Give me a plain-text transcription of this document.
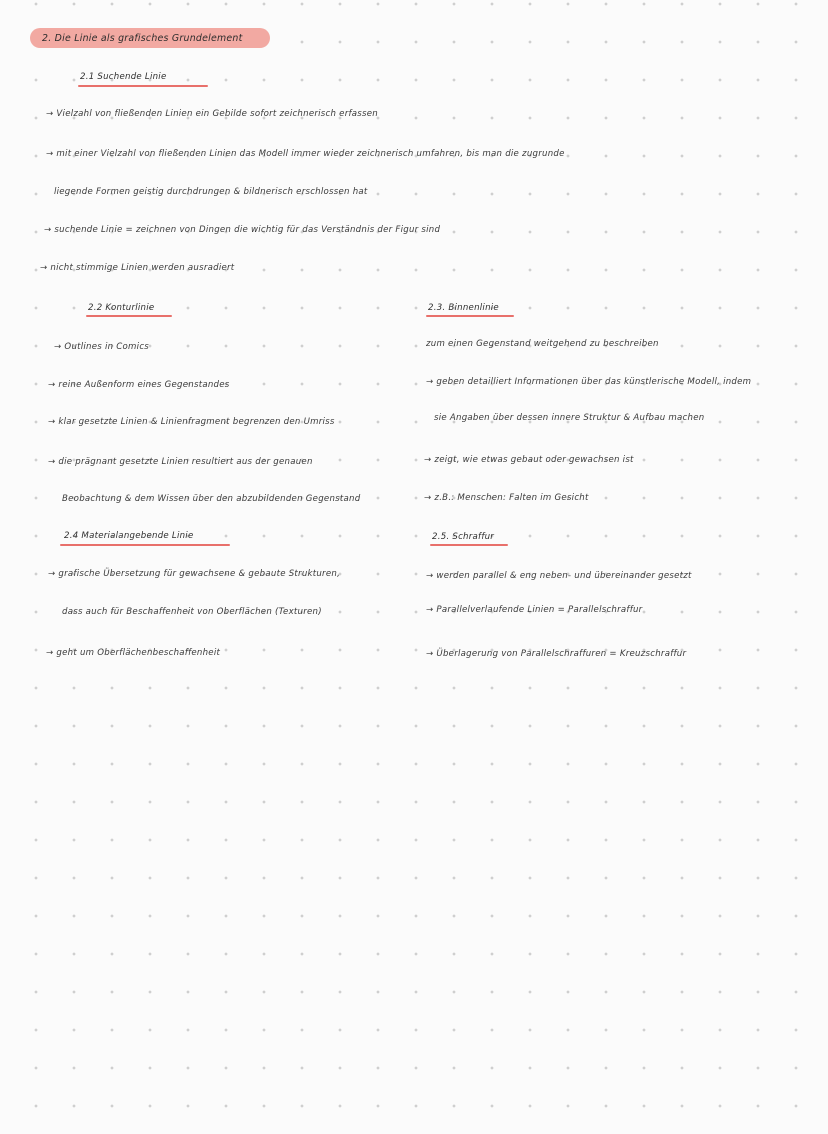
2. Die Linie als grafisches Grundelement
2.1 Suchende Linie
→ Vielzahl von fließenden Linien ein Gebilde sofort zeichnerisch erfassen
→ mit einer Vielzahl von fließenden Linien das Modell immer wieder zeichnerisch umfahren, bis man die zugrunde
liegende Formen geistig durchdrungen & bildnerisch erschlossen hat
→ suchende Linie = zeichnen von Dingen die wichtig für das Verständnis der Figur sind
→ nicht stimmige Linien werden ausradiert
2.2 Konturlinie
→ Outlines in Comics
→ reine Außenform eines Gegenstandes
→ klar gesetzte Linien & Linienfragment begrenzen den Umriss
→ die prägnant gesetzte Linien resultiert aus der genauen
Beobachtung & dem Wissen über den abzubildenden Gegenstand
2.3. Binnenlinie
zum einen Gegenstand weitgehend zu beschreiben
→ geben detailliert Informationen über das künstlerische Modell, indem
sie Angaben über dessen innere Struktur & Aufbau machen
→ zeigt, wie etwas gebaut oder gewachsen ist
→ z.B.: Menschen: Falten im Gesicht
2.4 Materialangebende Linie
→ grafische Übersetzung für gewachsene & gebaute Strukturen,
dass auch für Beschaffenheit von Oberflächen (Texturen)
→ geht um Oberflächenbeschaffenheit
2.5. Schraffur
→ werden parallel & eng neben- und übereinander gesetzt
→ Parallelverlaufende Linien = Parallelschraffur
→ Überlagerung von Parallelschraffuren = Kreuzschraffur
